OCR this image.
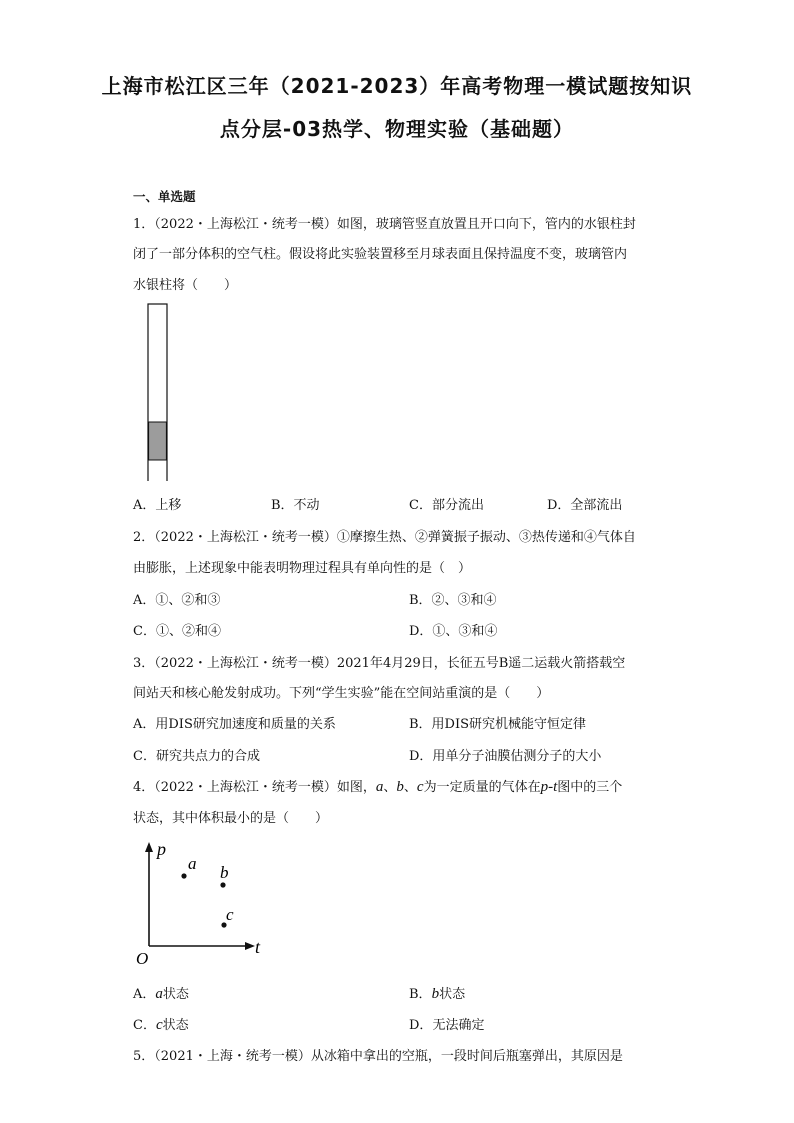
上海市松江区三年（2021-2023）年高考物理一模试题按知识
点分层-03热学、物理实验（基础题）
一、单选题
1．（2022・上海松江・统考一模）如图，玻璃管竖直放置且开口向下，管内的水银柱封
闭了一部分体积的空气柱。假设将此实验装置移至月球表面且保持温度不变，玻璃管内
水银柱将（　　）
A．上移	B．不动	C．部分流出	D．全部流出
2．（2022・上海松江・统考一模）①摩擦生热、②弹簧振子振动、③热传递和④气体自
由膨胀，上述现象中能表明物理过程具有单向性的是（　）
A．①、②和③	B．②、③和④
C．①、②和④	D．①、③和④
3．（2022・上海松江・统考一模）2021年4月29日，长征五号B遥二运载火箭搭载空
间站天和核心舱发射成功。下列“学生实验”能在空间站重演的是（　　）
A．用DIS研究加速度和质量的关系	B．用DIS研究机械能守恒定律
C．研究共点力的合成	D．用单分子油膜估测分子的大小
4．（2022・上海松江・统考一模）如图，a、b、c为一定质量的气体在p-t图中的三个
状态，其中体积最小的是（　　）
p
t
O
a b
c
A．a状态	B．b状态
C．c状态	D．无法确定
5．（2021・上海・统考一模）从冰箱中拿出的空瓶，一段时间后瓶塞弹出，其原因是
